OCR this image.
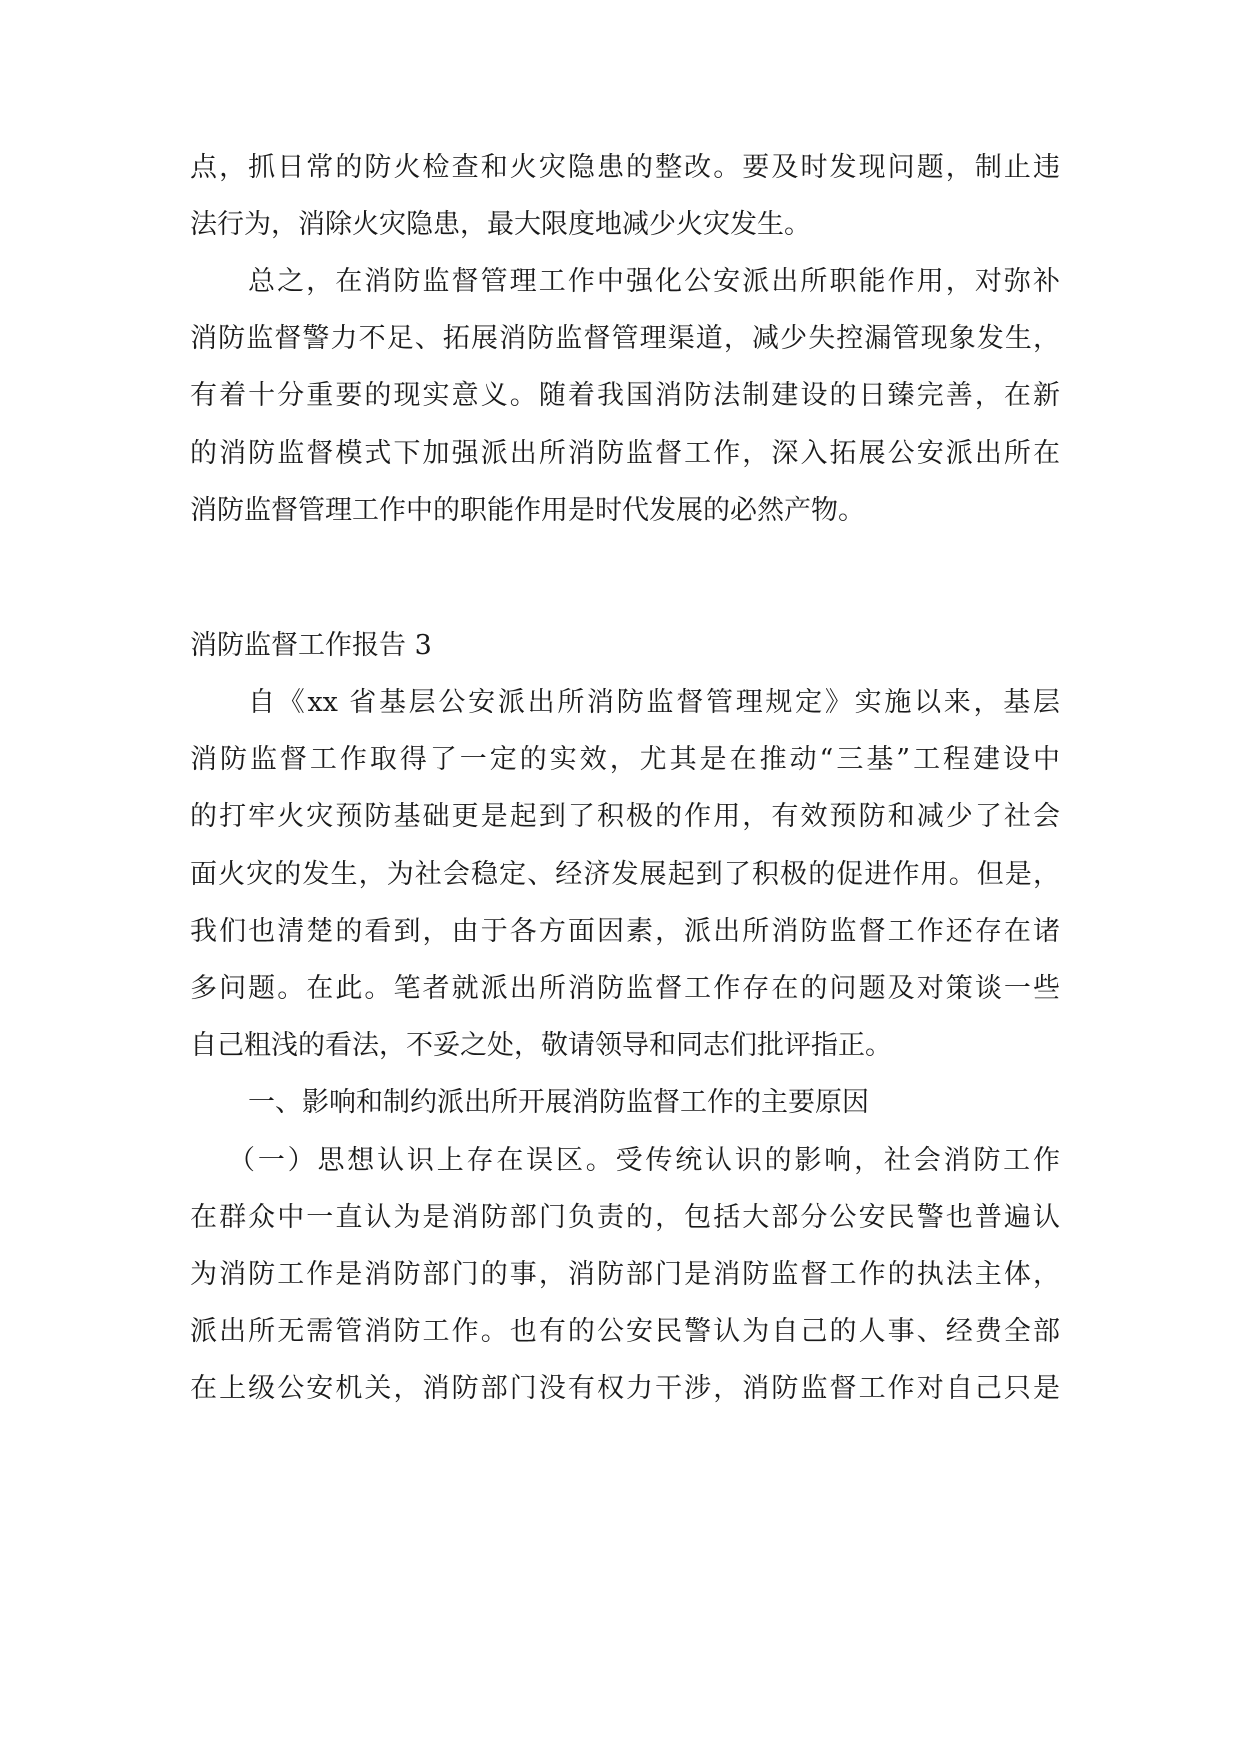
点，抓日常的防火检查和火灾隐患的整改。要及时发现问题，制止违
法行为，消除火灾隐患，最大限度地减少火灾发生。
总之，在消防监督管理工作中强化公安派出所职能作用，对弥补
消防监督警力不足、拓展消防监督管理渠道，减少失控漏管现象发生，
有着十分重要的现实意义。随着我国消防法制建设的日臻完善，在新
的消防监督模式下加强派出所消防监督工作，深入拓展公安派出所在
消防监督管理工作中的职能作用是时代发展的必然产物。
消防监督工作报告 3
自《xx 省基层公安派出所消防监督管理规定》实施以来，基层
消防监督工作取得了一定的实效，尤其是在推动“三基”工程建设中
的打牢火灾预防基础更是起到了积极的作用，有效预防和减少了社会
面火灾的发生，为社会稳定、经济发展起到了积极的促进作用。但是，
我们也清楚的看到，由于各方面因素，派出所消防监督工作还存在诸
多问题。在此。笔者就派出所消防监督工作存在的问题及对策谈一些
自己粗浅的看法，不妥之处，敬请领导和同志们批评指正。
一、影响和制约派出所开展消防监督工作的主要原因
（一）思想认识上存在误区。受传统认识的影响，社会消防工作
在群众中一直认为是消防部门负责的，包括大部分公安民警也普遍认
为消防工作是消防部门的事，消防部门是消防监督工作的执法主体，
派出所无需管消防工作。也有的公安民警认为自己的人事、经费全部
在上级公安机关，消防部门没有权力干涉，消防监督工作对自己只是
